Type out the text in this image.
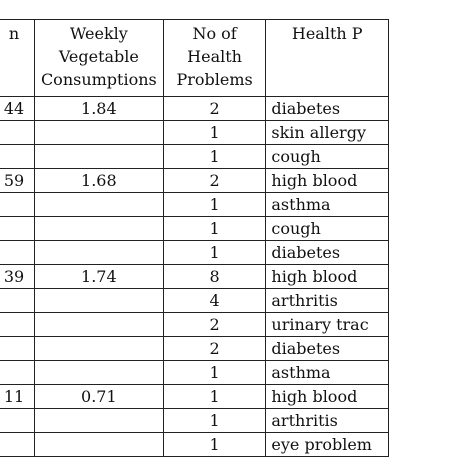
	n	Weekly
Vegetable
Consumptions	No of
Health
Problems	Health P
	44	1.84	2	diabetes
			1	skin allergy
			1	cough
	59	1.68	2	high blood
			1	asthma
			1	cough
			1	diabetes
	39	1.74	8	high blood
			4	arthritis
			2	urinary trac
			2	diabetes
			1	asthma
	11	0.71	1	high blood
			1	arthritis
			1	eye problem
